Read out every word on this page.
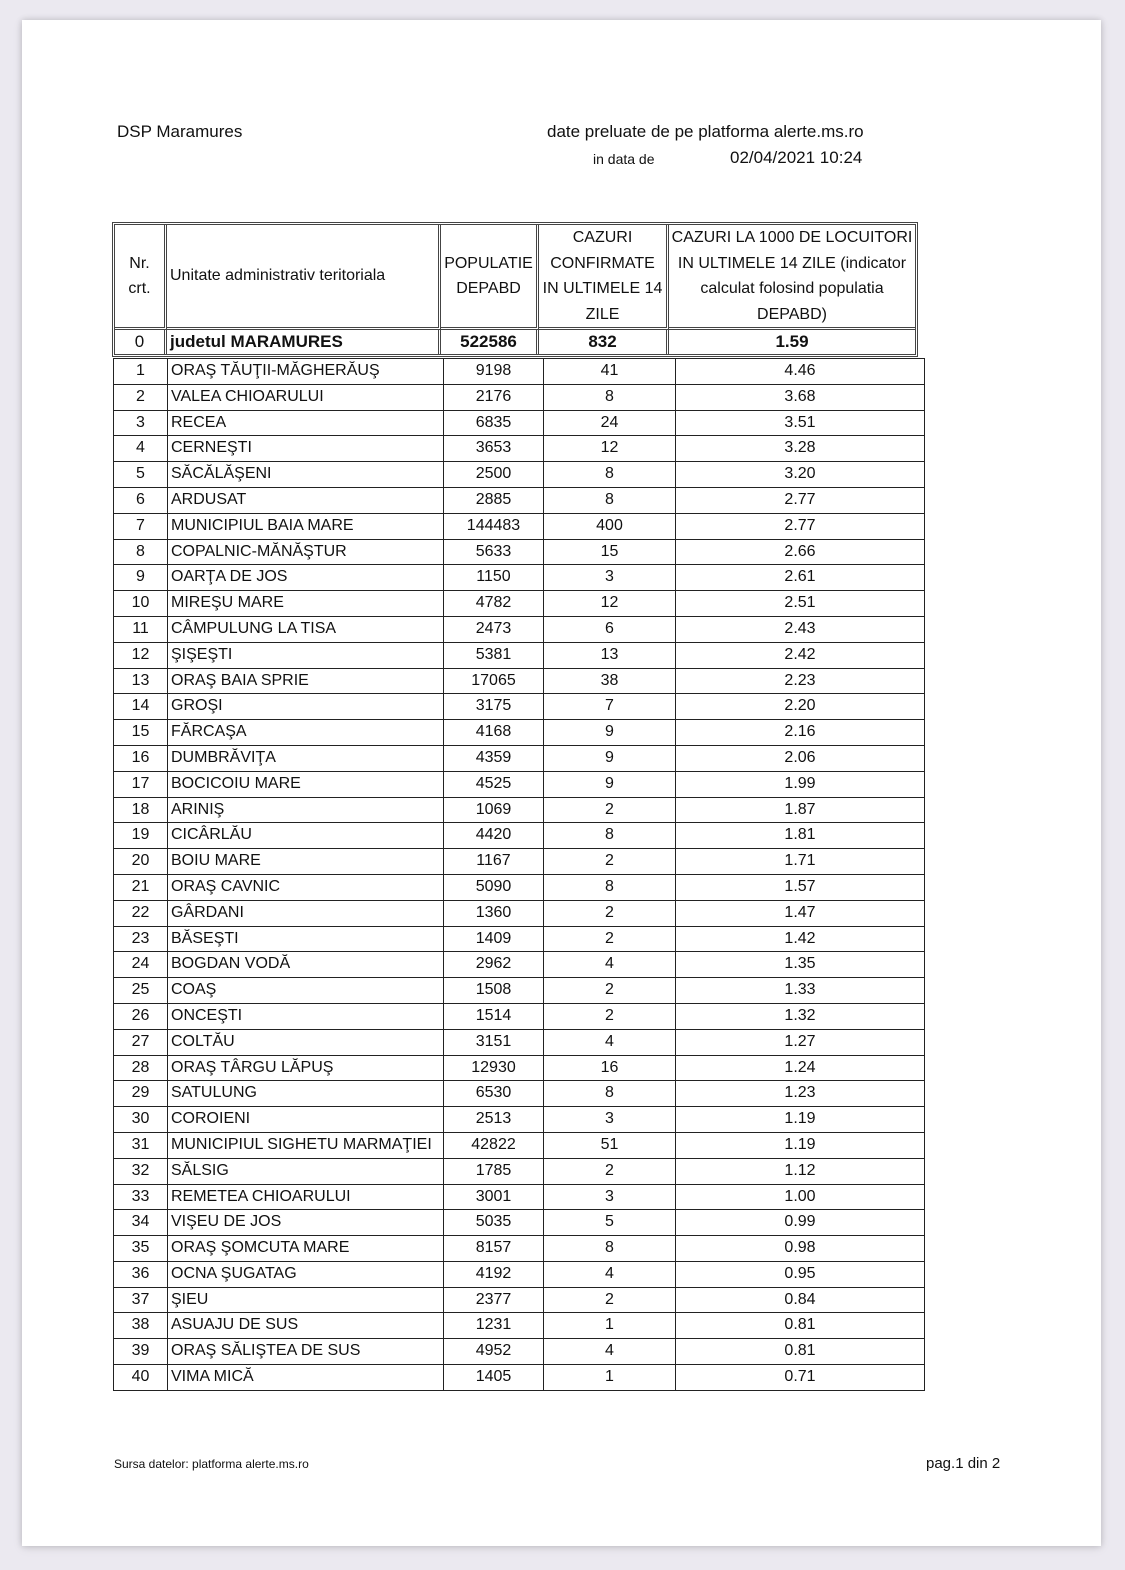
DSP Maramures	date preluate de pe platforma alerte.ms.ro
in data de	02/04/2021 10:24
Nr. crt.	Unitate administrativ teritoriala	POPULATIE DEPABD	CAZURI CONFIRMATE IN ULTIMELE 14 ZILE	CAZURI LA 1000 DE LOCUITORI IN ULTIMELE 14 ZILE (indicator calculat folosind populatia DEPABD)
0	judetul MARAMURES	522586	832	1.59
1	ORAŞ TĂUŢII-MĂGHERĂUŞ	9198	41	4.46
2	VALEA CHIOARULUI	2176	8	3.68
3	RECEA	6835	24	3.51
4	CERNEŞTI	3653	12	3.28
5	SĂCĂLĂŞENI	2500	8	3.20
6	ARDUSAT	2885	8	2.77
7	MUNICIPIUL BAIA MARE	144483	400	2.77
8	COPALNIC-MĂNĂŞTUR	5633	15	2.66
9	OARŢA DE JOS	1150	3	2.61
10	MIREŞU MARE	4782	12	2.51
11	CÂMPULUNG LA TISA	2473	6	2.43
12	ŞIŞEŞTI	5381	13	2.42
13	ORAŞ BAIA SPRIE	17065	38	2.23
14	GROŞI	3175	7	2.20
15	FĂRCAŞA	4168	9	2.16
16	DUMBRĂVIŢA	4359	9	2.06
17	BOCICOIU MARE	4525	9	1.99
18	ARINIŞ	1069	2	1.87
19	CICÂRLĂU	4420	8	1.81
20	BOIU MARE	1167	2	1.71
21	ORAŞ CAVNIC	5090	8	1.57
22	GÂRDANI	1360	2	1.47
23	BĂSEŞTI	1409	2	1.42
24	BOGDAN VODĂ	2962	4	1.35
25	COAŞ	1508	2	1.33
26	ONCEŞTI	1514	2	1.32
27	COLTĂU	3151	4	1.27
28	ORAŞ TÂRGU LĂPUŞ	12930	16	1.24
29	SATULUNG	6530	8	1.23
30	COROIENI	2513	3	1.19
31	MUNICIPIUL SIGHETU MARMAŢIEI	42822	51	1.19
32	SĂLSIG	1785	2	1.12
33	REMETEA CHIOARULUI	3001	3	1.00
34	VIŞEU DE JOS	5035	5	0.99
35	ORAŞ ŞOMCUTA MARE	8157	8	0.98
36	OCNA ŞUGATAG	4192	4	0.95
37	ŞIEU	2377	2	0.84
38	ASUAJU DE SUS	1231	1	0.81
39	ORAŞ SĂLIŞTEA DE SUS	4952	4	0.81
40	VIMA MICĂ	1405	1	0.71
Sursa datelor: platforma alerte.ms.ro	pag.1 din 2
